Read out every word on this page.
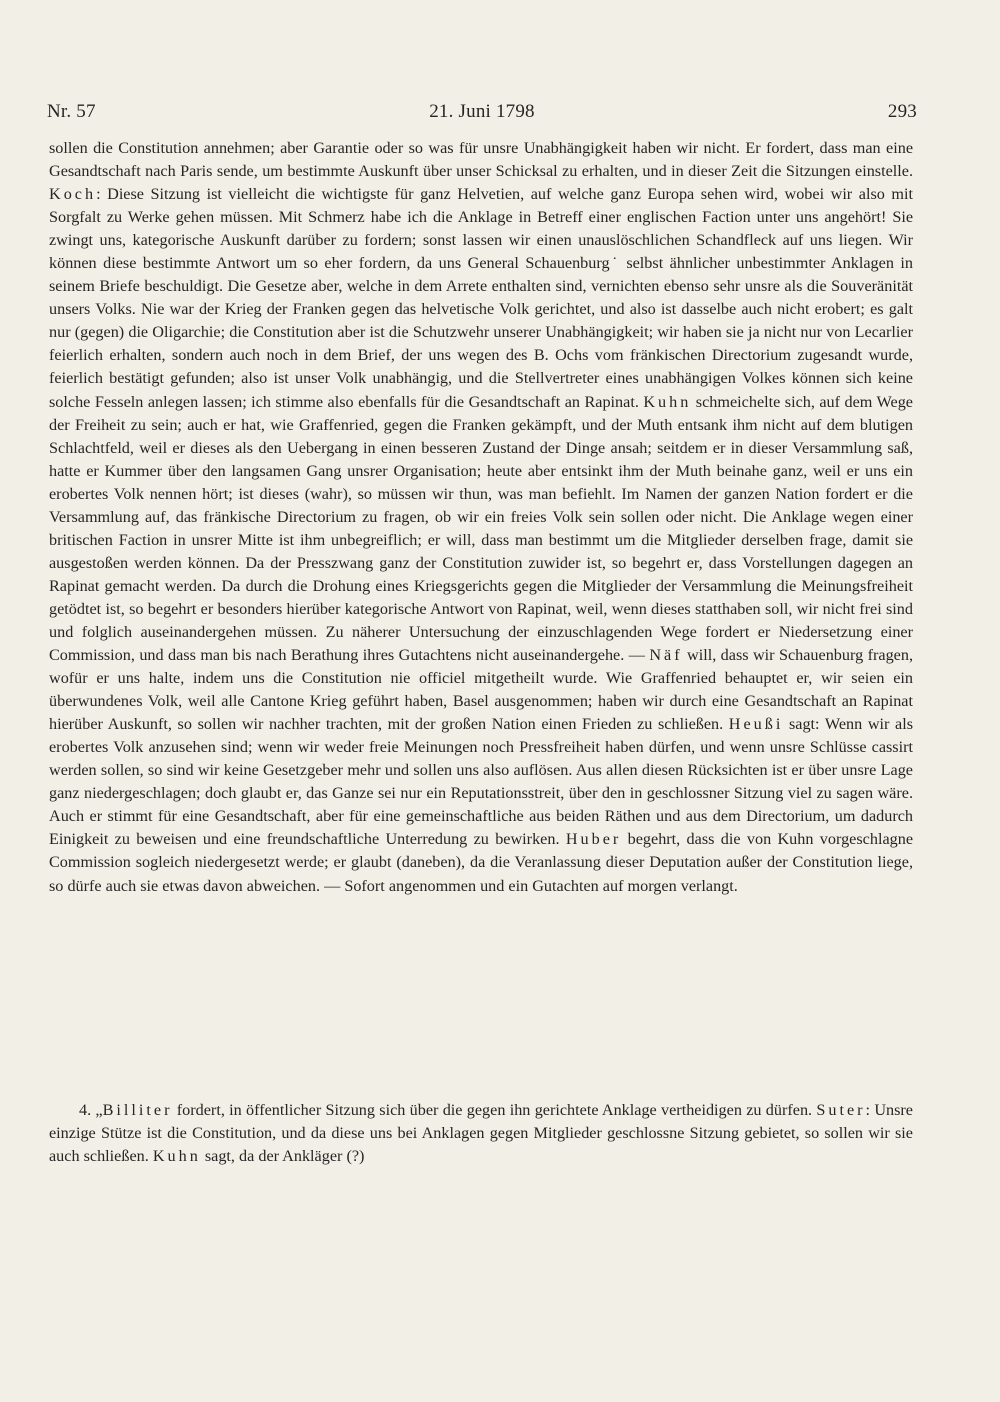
Nr. 57	21. Juni 1798	293

sollen die Constitution annehmen; aber Garantie oder so was für unsre Unabhängigkeit haben wir nicht. Er fordert, dass man eine Gesandtschaft nach Paris sende, um bestimmte Auskunft über unser Schicksal zu erhalten, und in dieser Zeit die Sitzungen einstelle. Koch: Diese Sitzung ist vielleicht die wichtigste für ganz Helvetien, auf welche ganz Europa sehen wird, wobei wir also mit Sorgfalt zu Werke gehen müssen. Mit Schmerz habe ich die Anklage in Betreff einer englischen Faction unter uns angehört! Sie zwingt uns, kategorische Auskunft darüber zu fordern; sonst lassen wir einen unauslöschlichen Schandfleck auf uns liegen. Wir können diese bestimmte Antwort um so eher fordern, da uns General Schauenburg˙ selbst ähnlicher unbestimmter Anklagen in seinem Briefe beschuldigt. Die Gesetze aber, welche in dem Arrete enthalten sind, vernichten ebenso sehr unsre als die Souveränität unsers Volks. Nie war der Krieg der Franken gegen das helvetische Volk gerichtet, und also ist dasselbe auch nicht erobert; es galt nur (gegen) die Oligarchie; die Constitution aber ist die Schutzwehr unserer Unabhängigkeit; wir haben sie ja nicht nur von Lecarlier feierlich erhalten, sondern auch noch in dem Brief, der uns wegen des B. Ochs vom fränkischen Directorium zugesandt wurde, feierlich bestätigt gefunden; also ist unser Volk unabhängig, und die Stellvertreter eines unabhängigen Volkes können sich keine solche Fesseln anlegen lassen; ich stimme also ebenfalls für die Gesandtschaft an Rapinat. Kuhn schmeichelte sich, auf dem Wege der Freiheit zu sein; auch er hat, wie Graffenried, gegen die Franken gekämpft, und der Muth entsank ihm nicht auf dem blutigen Schlachtfeld, weil er dieses als den Uebergang in einen besseren Zustand der Dinge ansah; seitdem er in dieser Versammlung saß, hatte er Kummer über den langsamen Gang unsrer Organisation; heute aber entsinkt ihm der Muth beinahe ganz, weil er uns ein erobertes Volk nennen hört; ist dieses (wahr), so müssen wir thun, was man befiehlt. Im Namen der ganzen Nation fordert er die Versammlung auf, das fränkische Directorium zu fragen, ob wir ein freies Volk sein sollen oder nicht. Die Anklage wegen einer britischen Faction in unsrer Mitte ist ihm unbegreiflich; er will, dass man bestimmt um die Mitglieder derselben frage, damit sie ausgestoßen werden können. Da der Presszwang ganz der Constitution zuwider ist, so begehrt er, dass Vorstellungen dagegen an Rapinat gemacht werden. Da durch die Drohung eines Kriegsgerichts gegen die Mitglieder der Versammlung die Meinungsfreiheit getödtet ist, so begehrt er besonders hierüber kategorische Antwort von Rapinat, weil, wenn dieses statthaben soll, wir nicht frei sind und folglich auseinandergehen müssen. Zu näherer Untersuchung der einzuschlagenden Wege fordert er Niedersetzung einer Commission, und dass man bis nach Berathung ihres Gutachtens nicht auseinandergehe. — Näf will, dass wir Schauenburg fragen, wofür er uns halte, indem uns die Constitution nie officiel mitgetheilt wurde. Wie Graffenried behauptet er, wir seien ein überwundenes Volk, weil alle Cantone Krieg geführt haben, Basel ausgenommen; haben wir durch eine Gesandtschaft an Rapinat hierüber Auskunft, so sollen wir nachher trachten, mit der großen Nation einen Frieden zu schließen. Heußi sagt: Wenn wir als erobertes Volk anzusehen sind; wenn wir weder freie Meinungen noch Pressfreiheit haben dürfen, und wenn unsre Schlüsse cassirt werden sollen, so sind wir keine Gesetzgeber mehr und sollen uns also auflösen. Aus allen diesen Rücksichten ist er über unsre Lage ganz niedergeschlagen; doch glaubt er, das Ganze sei nur ein Reputationsstreit, über den in geschlossner Sitzung viel zu sagen wäre. Auch er stimmt für eine Gesandtschaft, aber für eine gemeinschaftliche aus beiden Räthen und aus dem Directorium, um dadurch Einigkeit zu beweisen und eine freundschaftliche Unterredung zu bewirken. Huber begehrt, dass die von Kuhn vorgeschlagne Commission sogleich niedergesetzt werde; er glaubt (daneben), da die Veranlassung dieser Deputation außer der Constitution liege, so dürfe auch sie etwas davon abweichen. — Sofort angenommen und ein Gutachten auf morgen verlangt.

4. „Billiter fordert, in öffentlicher Sitzung sich über die gegen ihn gerichtete Anklage vertheidigen zu dürfen. Suter: Unsre einzige Stütze ist die Constitution, und da diese uns bei Anklagen gegen Mitglieder geschlossne Sitzung gebietet, so sollen wir sie auch schließen. Kuhn sagt, da der Ankläger (?)
